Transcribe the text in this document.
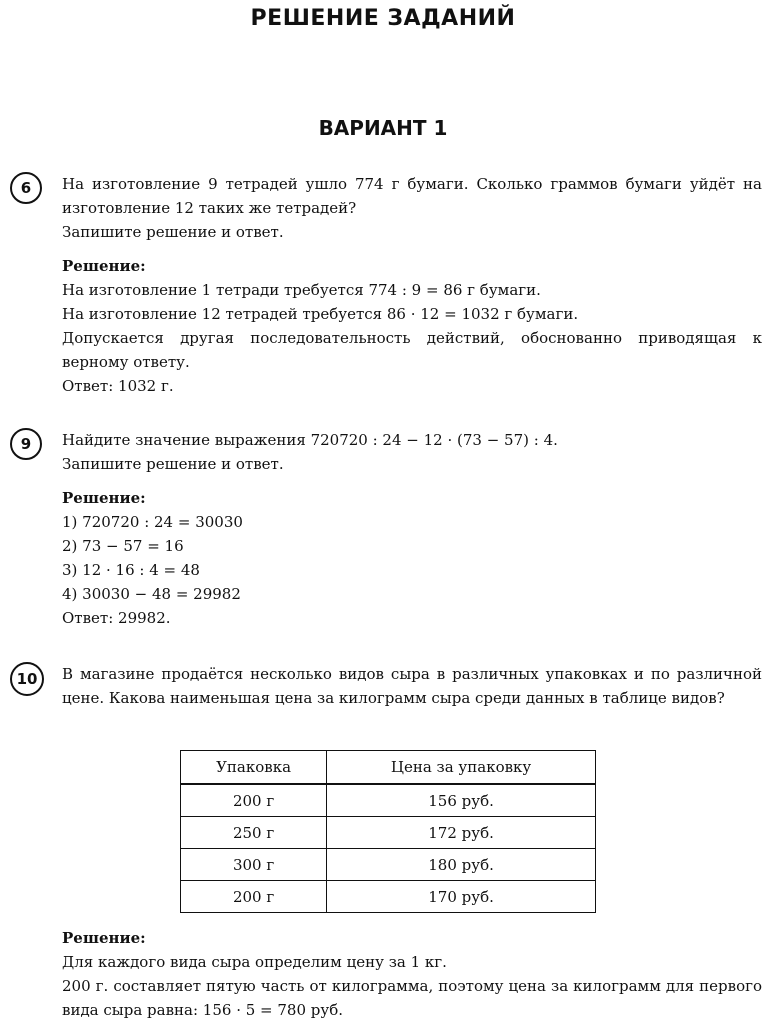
РЕШЕНИЕ ЗАДАНИЙ
ВАРИАНТ 1
6	На изготовление 9 тетрадей ушло 774 г бумаги. Сколько граммов бумаги уйдёт на изготовление 12 таких же тетрадей?

Запишите решение и ответ.

Решение:

На изготовление 1 тетради требуется 774 : 9 = 86 г бумаги.

На изготовление 12 тетрадей требуется 86 · 12 = 1032 г бумаги.

Допускается другая последовательность действий, обоснованно приводящая к верному ответу.

Ответ: 1032 г.

9	Найдите значение выражения 720720 : 24 − 12 · (73 − 57) : 4.

Запишите решение и ответ.

Решение:

1) 720720 : 24 = 30030

2) 73 − 57 = 16

3) 12 · 16 : 4 = 48

4) 30030 − 48 = 29982

Ответ: 29982.

10	В магазине продаётся несколько видов сыра в различных упаковках и по различной цене. Какова наименьшая цена за килограмм сыра среди данных в таблице видов?

Упаковка	Цена за упаковку
200 г	156 руб.
250 г	172 руб.
300 г	180 руб.
200 г	170 руб.

Решение:

Для каждого вида сыра определим цену за 1 кг.

200 г. составляет пятую часть от килограмма, поэтому цена за килограмм для первого вида сыра равна: 156 · 5 = 780 руб.
